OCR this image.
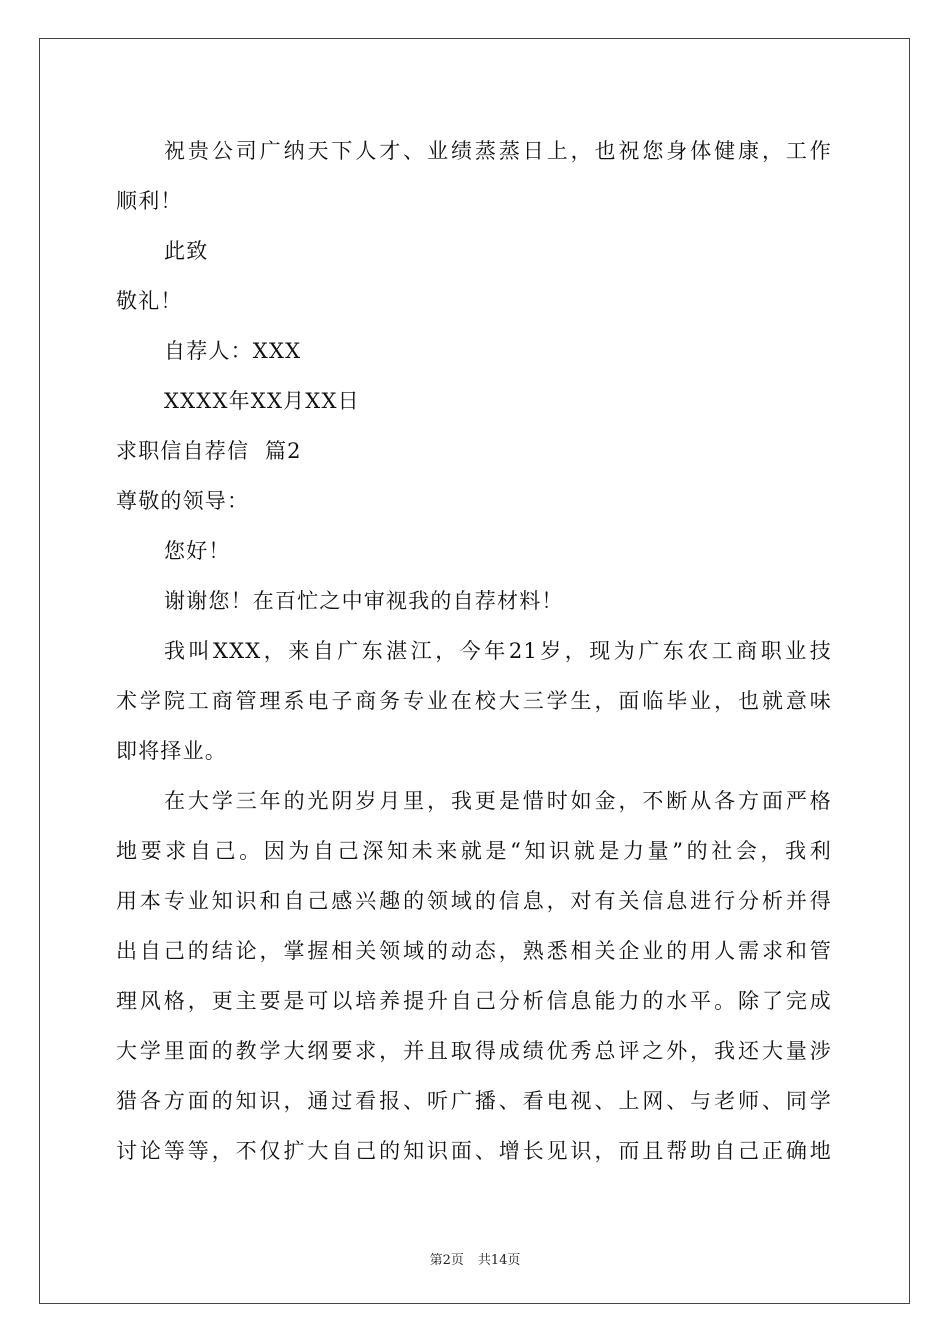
祝贵公司广纳天下人才、业绩蒸蒸日上，也祝您身体健康，工作
顺利！
此致
敬礼！
自荐人：XXX
XXXX年XX月XX日
求职信自荐信  篇2
尊敬的领导：
您好！
谢谢您！在百忙之中审视我的自荐材料！
我叫XXX，来自广东湛江，今年21岁，现为广东农工商职业技
术学院工商管理系电子商务专业在校大三学生，面临毕业，也就意味
即将择业。
在大学三年的光阴岁月里，我更是惜时如金，不断从各方面严格
地要求自己。因为自己深知未来就是“知识就是力量”的社会，我利
用本专业知识和自己感兴趣的领域的信息，对有关信息进行分析并得
出自己的结论，掌握相关领域的动态，熟悉相关企业的用人需求和管
理风格，更主要是可以培养提升自己分析信息能力的水平。除了完成
大学里面的教学大纲要求，并且取得成绩优秀总评之外，我还大量涉
猎各方面的知识，通过看报、听广播、看电视、上网、与老师、同学
讨论等等，不仅扩大自己的知识面、增长见识，而且帮助自己正确地
第2页 共14页
